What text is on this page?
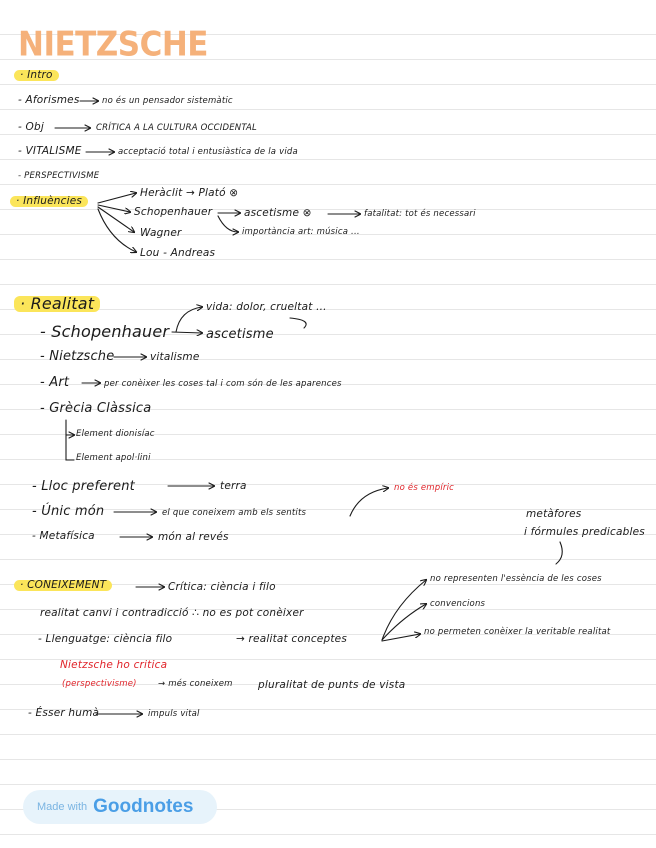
NIETZSCHE
· Intro
- Aforismes	no és un pensador sistemàtic
- Obj	CRÍTICA A LA CULTURA OCCIDENTAL
- VITALISME	acceptació total i entusiàstica de la vida
- PERSPECTIVISME
· Influències
Heràclit → Plató ⊗
Schopenhauer	ascetisme ⊗	fatalitat: tot és necessari
importància art: música ...
Wagner
Lou - Andreas
· Realitat	vida: dolor, crueltat ...
- Schopenhauer	ascetisme
- Nietzsche	vitalisme
- Art	per conèixer les coses tal i com són de les aparences
- Grècia Clàssica
Element dionisíac
Element apol·lini
- Lloc preferent	terra	no és empíric
- Únic món	el que coneixem amb els sentits
- Metafísica	món al revés
metàfores
i fórmules predicables
· CONEIXEMENT	Crítica: ciència i filo
realitat canvi i contradicció ∴ no es pot conèixer
- Llenguatge: ciència filo	→ realitat conceptes
no representen l'essència de les coses
convencions
no permeten conèixer la veritable realitat
Nietzsche ho critica
(perspectivisme)	→ més coneixem pluralitat de punts de vista
- Ésser humà	impuls vital
Made with Goodnotes
